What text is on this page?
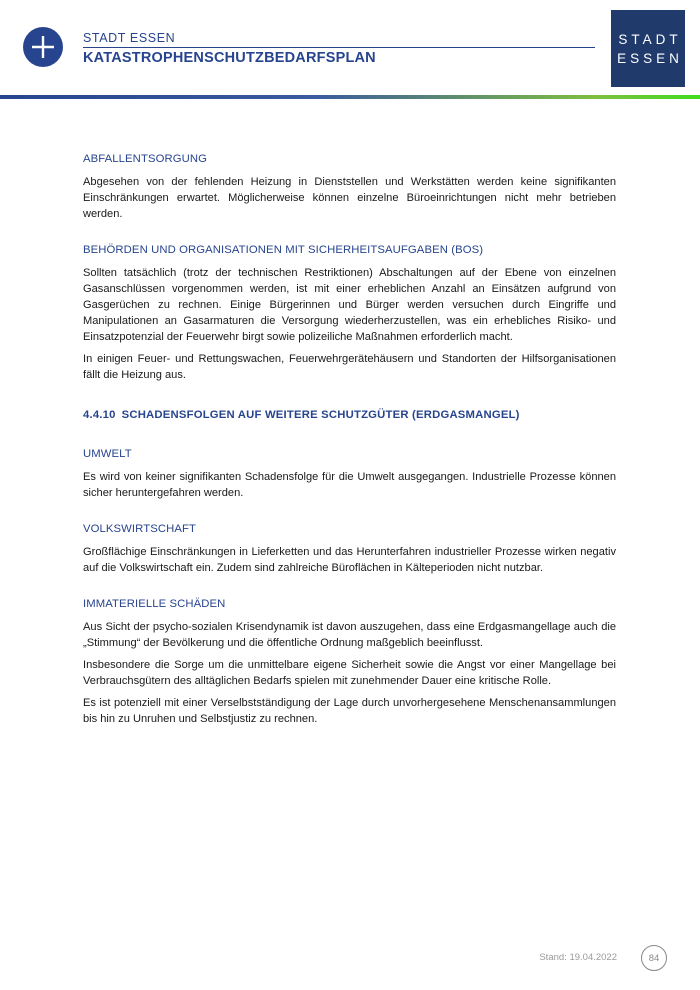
STADT ESSEN
KATASTROPHENSCHUTZBEDARFSPLAN
STADT
ESSEN
ABFALLENTSORGUNG
Abgesehen von der fehlenden Heizung in Dienststellen und Werkstätten werden keine signifikanten Einschränkungen erwartet. Möglicherweise können einzelne Büroeinrichtungen nicht mehr betrieben werden.
BEHÖRDEN UND ORGANISATIONEN MIT SICHERHEITSAUFGABEN (BOS)
Sollten tatsächlich (trotz der technischen Restriktionen) Abschaltungen auf der Ebene von einzelnen Gasanschlüssen vorgenommen werden, ist mit einer erheblichen Anzahl an Einsätzen aufgrund von Gasgerüchen zu rechnen. Einige Bürgerinnen und Bürger werden versuchen durch Eingriffe und Manipulationen an Gasarmaturen die Versorgung wiederherzustellen, was ein erhebliches Risiko- und Einsatzpotenzial der Feuerwehr birgt sowie polizeiliche Maßnahmen erforderlich macht.
In einigen Feuer- und Rettungswachen, Feuerwehrgerätehäusern und Standorten der Hilfsorganisationen fällt die Heizung aus.
4.4.10 SCHADENSFOLGEN AUF WEITERE SCHUTZGÜTER (ERDGASMANGEL)
UMWELT
Es wird von keiner signifikanten Schadensfolge für die Umwelt ausgegangen. Industrielle Prozesse können sicher heruntergefahren werden.
VOLKSWIRTSCHAFT
Großflächige Einschränkungen in Lieferketten und das Herunterfahren industrieller Prozesse wirken negativ auf die Volkswirtschaft ein. Zudem sind zahlreiche Büroflächen in Kälteperioden nicht nutzbar.
IMMATERIELLE SCHÄDEN
Aus Sicht der psycho-sozialen Krisendynamik ist davon auszugehen, dass eine Erdgasmangellage auch die „Stimmung“ der Bevölkerung und die öffentliche Ordnung maßgeblich beeinflusst.
Insbesondere die Sorge um die unmittelbare eigene Sicherheit sowie die Angst vor einer Mangellage bei Verbrauchsgütern des alltäglichen Bedarfs spielen mit zunehmender Dauer eine kritische Rolle.
Es ist potenziell mit einer Verselbstständigung der Lage durch unvorhergesehene Menschenansammlungen bis hin zu Unruhen und Selbstjustiz zu rechnen.
Stand: 19.04.2022	84
